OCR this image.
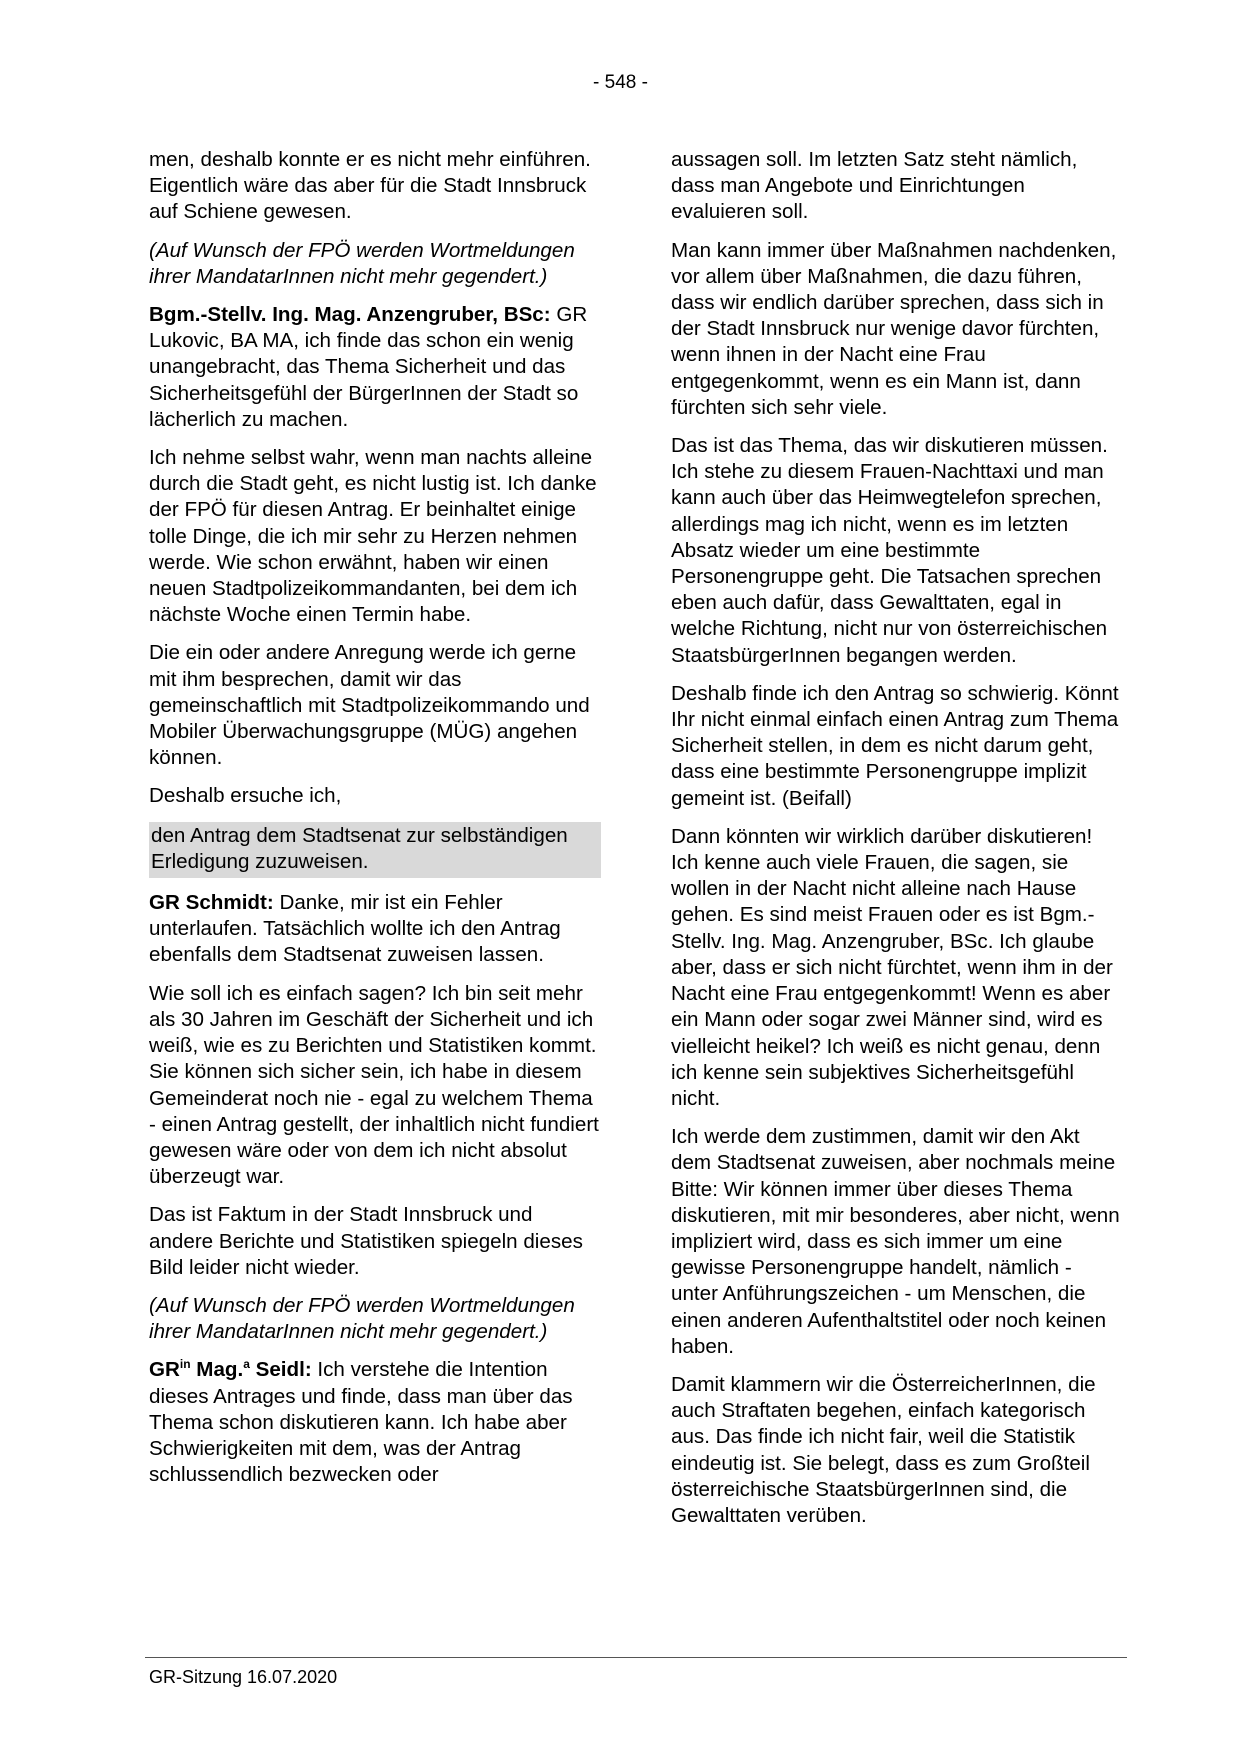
- 548 -

men, deshalb konnte er es nicht mehr einführen. Eigentlich wäre das aber für die Stadt Innsbruck auf Schiene gewesen.

(Auf Wunsch der FPÖ werden Wortmeldungen ihrer MandatarInnen nicht mehr gegendert.)

Bgm.-Stellv. Ing. Mag. Anzengruber, BSc: GR Lukovic, BA MA, ich finde das schon ein wenig unangebracht, das Thema Sicherheit und das Sicherheitsgefühl der BürgerInnen der Stadt so lächerlich zu machen.

Ich nehme selbst wahr, wenn man nachts alleine durch die Stadt geht, es nicht lustig ist. Ich danke der FPÖ für diesen Antrag. Er beinhaltet einige tolle Dinge, die ich mir sehr zu Herzen nehmen werde. Wie schon erwähnt, haben wir einen neuen Stadtpolizeikommandanten, bei dem ich nächste Woche einen Termin habe.

Die ein oder andere Anregung werde ich gerne mit ihm besprechen, damit wir das gemeinschaftlich mit Stadtpolizeikommando und Mobiler Überwachungsgruppe (MÜG) angehen können.

Deshalb ersuche ich,

den Antrag dem Stadtsenat zur selbständigen Erledigung zuzuweisen.

GR Schmidt: Danke, mir ist ein Fehler unterlaufen. Tatsächlich wollte ich den Antrag ebenfalls dem Stadtsenat zuweisen lassen.

Wie soll ich es einfach sagen? Ich bin seit mehr als 30 Jahren im Geschäft der Sicherheit und ich weiß, wie es zu Berichten und Statistiken kommt. Sie können sich sicher sein, ich habe in diesem Gemeinderat noch nie - egal zu welchem Thema - einen Antrag gestellt, der inhaltlich nicht fundiert gewesen wäre oder von dem ich nicht absolut überzeugt war.

Das ist Faktum in der Stadt Innsbruck und andere Berichte und Statistiken spiegeln dieses Bild leider nicht wieder.

(Auf Wunsch der FPÖ werden Wortmeldungen ihrer MandatarInnen nicht mehr gegendert.)

$GR^{in}$ Mag.$^a$ Seidl: Ich verstehe die Intention dieses Antrages und finde, dass man über das Thema schon diskutieren kann. Ich habe aber Schwierigkeiten mit dem, was der Antrag schlussendlich bezwecken oder

aussagen soll. Im letzten Satz steht nämlich, dass man Angebote und Einrichtungen evaluieren soll.

Man kann immer über Maßnahmen nachdenken, vor allem über Maßnahmen, die dazu führen, dass wir endlich darüber sprechen, dass sich in der Stadt Innsbruck nur wenige davor fürchten, wenn ihnen in der Nacht eine Frau entgegenkommt, wenn es ein Mann ist, dann fürchten sich sehr viele.

Das ist das Thema, das wir diskutieren müssen. Ich stehe zu diesem Frauen-Nachttaxi und man kann auch über das Heimwegtelefon sprechen, allerdings mag ich nicht, wenn es im letzten Absatz wieder um eine bestimmte Personengruppe geht. Die Tatsachen sprechen eben auch dafür, dass Gewalttaten, egal in welche Richtung, nicht nur von österreichischen StaatsbürgerInnen begangen werden.

Deshalb finde ich den Antrag so schwierig. Könnt Ihr nicht einmal einfach einen Antrag zum Thema Sicherheit stellen, in dem es nicht darum geht, dass eine bestimmte Personengruppe implizit gemeint ist. (Beifall)

Dann könnten wir wirklich darüber diskutieren! Ich kenne auch viele Frauen, die sagen, sie wollen in der Nacht nicht alleine nach Hause gehen. Es sind meist Frauen oder es ist Bgm.-Stellv. Ing. Mag. Anzengruber, BSc. Ich glaube aber, dass er sich nicht fürchtet, wenn ihm in der Nacht eine Frau entgegenkommt! Wenn es aber ein Mann oder sogar zwei Männer sind, wird es vielleicht heikel? Ich weiß es nicht genau, denn ich kenne sein subjektives Sicherheitsgefühl nicht.

Ich werde dem zustimmen, damit wir den Akt dem Stadtsenat zuweisen, aber nochmals meine Bitte: Wir können immer über dieses Thema diskutieren, mit mir besonderes, aber nicht, wenn impliziert wird, dass es sich immer um eine gewisse Personengruppe handelt, nämlich - unter Anführungszeichen - um Menschen, die einen anderen Aufenthaltstitel oder noch keinen haben.

Damit klammern wir die ÖsterreicherInnen, die auch Straftaten begehen, einfach kategorisch aus. Das finde ich nicht fair, weil die Statistik eindeutig ist. Sie belegt, dass es zum Großteil österreichische StaatsbürgerInnen sind, die Gewalttaten verüben.

GR-Sitzung 16.07.2020
